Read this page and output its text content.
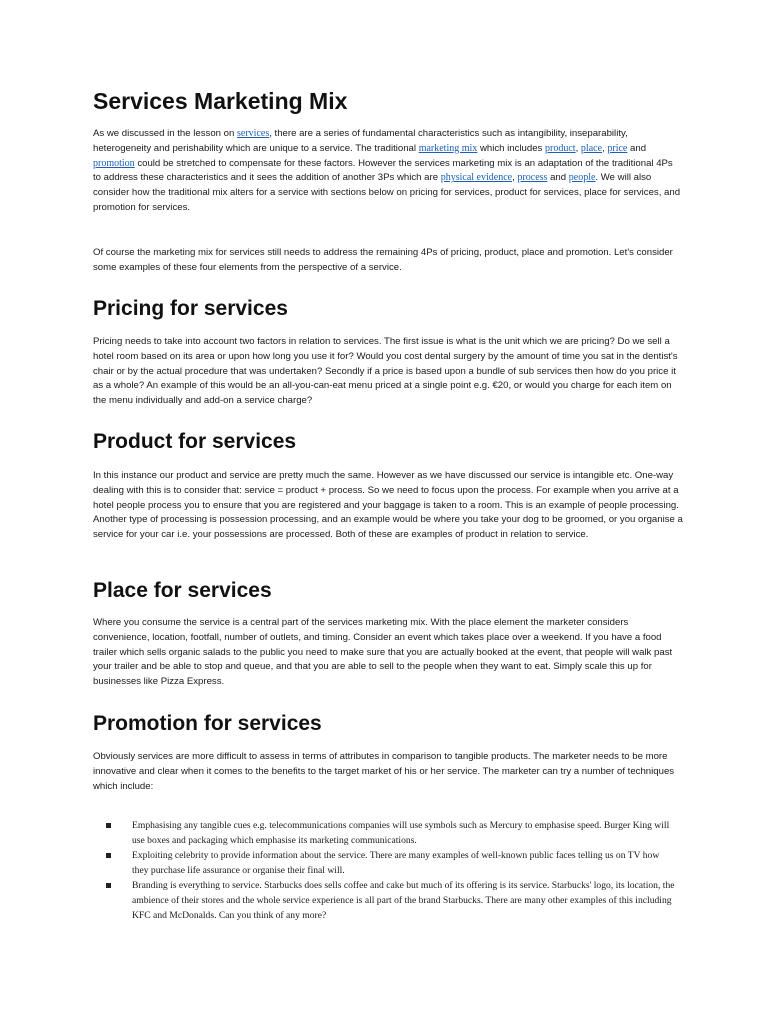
Services Marketing Mix
As we discussed in the lesson on services, there are a series of fundamental characteristics such as intangibility, inseparability, heterogeneity and perishability which are unique to a service. The traditional marketing mix which includes product, place, price and promotion could be stretched to compensate for these factors. However the services marketing mix is an adaptation of the traditional 4Ps to address these characteristics and it sees the addition of another 3Ps which are physical evidence, process and people. We will also consider how the traditional mix alters for a service with sections below on pricing for services, product for services, place for services, and promotion for services.
Of course the marketing mix for services still needs to address the remaining 4Ps of pricing, product, place and promotion. Let's consider some examples of these four elements from the perspective of a service.
Pricing for services
Pricing needs to take into account two factors in relation to services. The first issue is what is the unit which we are pricing? Do we sell a hotel room based on its area or upon how long you use it for? Would you cost dental surgery by the amount of time you sat in the dentist's chair or by the actual procedure that was undertaken? Secondly if a price is based upon a bundle of sub services then how do you price it as a whole? An example of this would be an all-you-can-eat menu priced at a single point e.g. €20, or would you charge for each item on the menu individually and add-on a service charge?
Product for services
In this instance our product and service are pretty much the same. However as we have discussed our service is intangible etc. One-way dealing with this is to consider that: service = product + process. So we need to focus upon the process. For example when you arrive at a hotel people process you to ensure that you are registered and your baggage is taken to a room. This is an example of people processing. Another type of processing is possession processing, and an example would be where you take your dog to be groomed, or you organise a service for your car i.e. your possessions are processed. Both of these are examples of product in relation to service.
Place for services
Where you consume the service is a central part of the services marketing mix. With the place element the marketer considers convenience, location, footfall, number of outlets, and timing. Consider an event which takes place over a weekend. If you have a food trailer which sells organic salads to the public you need to make sure that you are actually booked at the event, that people will walk past your trailer and be able to stop and queue, and that you are able to sell to the people when they want to eat. Simply scale this up for businesses like Pizza Express.
Promotion for services
Obviously services are more difficult to assess in terms of attributes in comparison to tangible products. The marketer needs to be more innovative and clear when it comes to the benefits to the target market of his or her service. The marketer can try a number of techniques which include:
Emphasising any tangible cues e.g. telecommunications companies will use symbols such as Mercury to emphasise speed. Burger King will use boxes and packaging which emphasise its marketing communications.
Exploiting celebrity to provide information about the service. There are many examples of well-known public faces telling us on TV how they purchase life assurance or organise their final will.
Branding is everything to service. Starbucks does sells coffee and cake but much of its offering is its service. Starbucks' logo, its location, the ambience of their stores and the whole service experience is all part of the brand Starbucks. There are many other examples of this including KFC and McDonalds. Can you think of any more?
